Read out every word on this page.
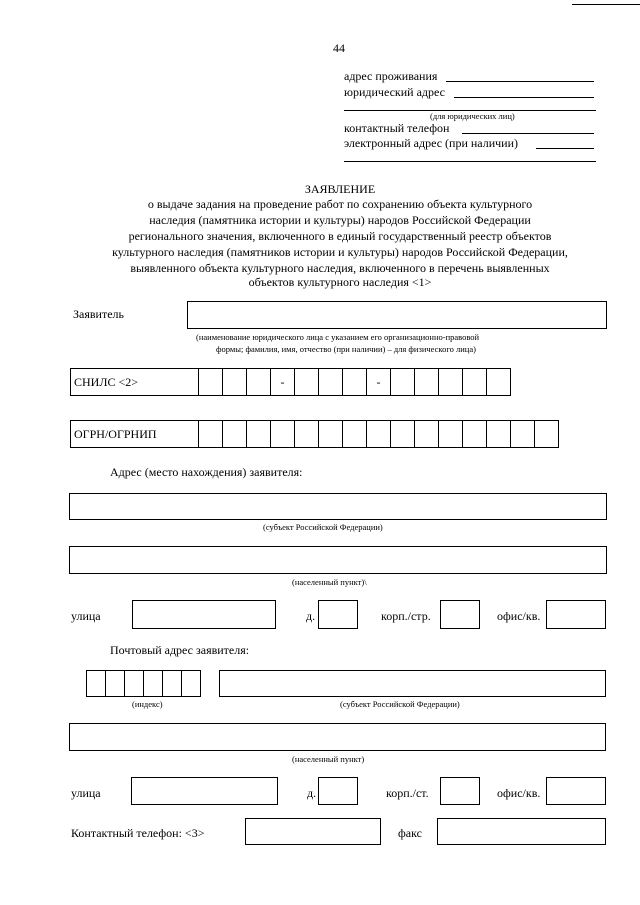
44
адрес проживания
юридический адрес
(для юридических лиц)
контактный телефон
электронный адрес (при наличии)
ЗАЯВЛЕНИЕ
о выдаче задания на проведение работ по сохранению объекта культурного
наследия (памятника истории и культуры) народов Российской Федерации
регионального значения, включенного в единый государственный реестр объектов
культурного наследия (памятников истории и культуры) народов Российской Федерации,
выявленного объекта культурного наследия, включенного в перечень выявленных
объектов культурного наследия <1>
Заявитель
(наименование юридического лица с указанием его организационно-правовой
формы; фамилия, имя, отчество (при наличии) – для физического лица)
СНИЛС <2>	-	-
ОГРН/ОГРНИП
Адрес (место нахождения) заявителя:
(субъект Российской Федерации)
(населенный пункт)\
улица	д.	корп./стр.	офис/кв.
Почтовый адрес заявителя:
(индекс)	(субъект Российской Федерации)
(населенный пункт)
улица	д.	корп./ст.	офис/кв.
Контактный телефон: <3>	факс
